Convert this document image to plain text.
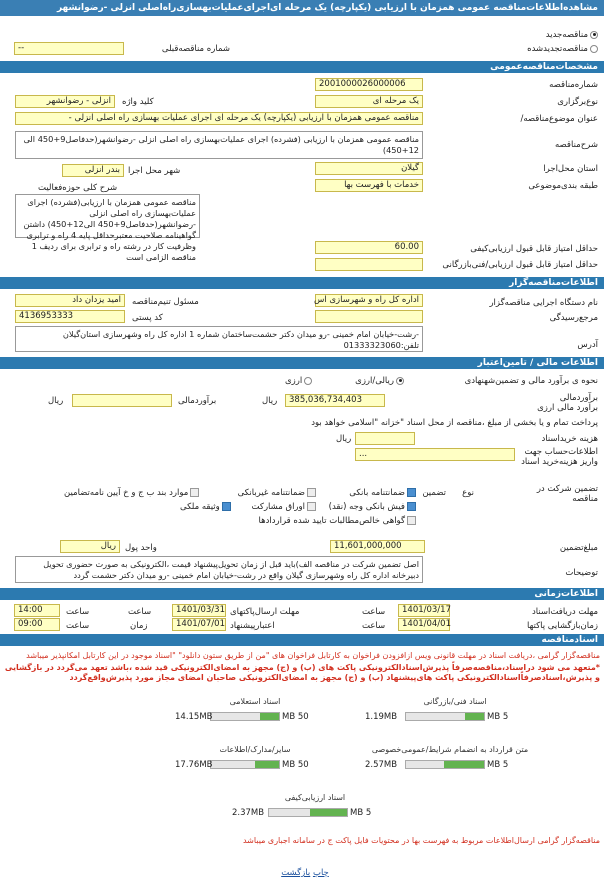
مشاهده‌اطلاعات‌مناقصه عمومی همزمان با ارزیابی (یکپارچه) یک مرحله ای‌اجرای‌عملیات‌بهسازی‌راه‌اصلی انزلی -رضوانشهر
مناقصه‌جدید
مناقصه‌تجدیدشده
شماره مناقصه‌قبلی
--
مشخصات‌مناقصه‌عمومی
شماره‌مناقصه
2001000026000006
نوع‌برگزاری
یک مرحله ای
کلید واژه
انزلی - رضوانشهر
عنوان موضوع‌مناقصه/
مناقصه عمومی همزمان با ارزیابی (یکپارچه) یک مرحله ای اجرای عملیات بهسازی راه اصلی انزلی -
شرح‌مناقصه
مناقصه عمومی همزمان با ارزیابی (فشرده) اجرای عملیات‌بهسازی راه اصلی انزلی -رضوانشهر(حدفاصل9+450 الی 12+450)
استان محل‌اجرا
گیلان
شهر محل اجرا
بندر انزلی
طبقه بندی‌موضوعی
خدمات با فهرست بها
شرح کلی حوزه‌فعالیت
مناقصه عمومی همزمان با ارزیابی(فشرده) اجرای عملیات‌بهسازی راه اصلی انزلی -رضوانشهر(حدفاصل9+450 الی12+450) داشتن گواهینامه صلاحیت معتبرحداقل پایه 4 راه و ترابری وظرفیت کار در رشته راه و ترابری برای ردیف 1 مناقصه الزامی است
حداقل امتیاز قابل قبول ارزیابی‌کیفی
60.00
حداقل امتیاز قابل قبول ارزیابی/فنی‌بازرگانی
اطلاعات‌مناقصه‌گزار
نام دستگاه اجرایی مناقصه‌گزار
اداره کل راه و شهرسازی اس
مرجع‌رسیدگی
مسئول تنیم‌مناقصه
امید یزدان داد
کد پستی
4136953333
آدرس
-رشت-خیابان امام خمینی -رو میدان دکتر حشمت‌ساختمان شماره 1 اداره کل راه وشهرسازی استان‌گیلان تلفن:01333323060
اطلاعات مالی / تامین‌اعتبار
نحوه ی برآورد مالی و تضمین‌شهنهادی
ریالی/ارزی
ارزی
برآوردمالی
برآورد مالی ارزی
385,036,734,403
ریال
برآوردمالی
ریال
پرداخت تمام و یا بخشی از مبلغ ،مناقصه از محل اسناد "خزانه "اسلامی خواهد بود
هزینه خریداسناد
ریال
اطلاعات‌حساب جهت واریز هزینه‌خرید اسناد
...
تضمین شرکت در مناقصه
نوع
تضمین
ضمانتنامه بانکی
ضمانتنامه غیربانکی
موارد بند ب ج و خ آیین نامه‌تضامین
فیش بانکی وجه (نقد)
اوراق مشارکت
وثیقه ملکی
گواهی خالص‌مطالبات تایید شده قراردادها
مبلغ‌تضمین
11,601,000,000
واحد پول
ریال
توضیحات
اصل تضمین شرکت در مناقصه الف)باید قبل از زمان تحویل‌پیشنهاد قیمت ،الکترونیکی به صورت حضوری تحویل دبیرخانه اداره کل راه وشهرسازی گیلان واقع در رشت-خیابان امام خمینی -رو میدان دکتر حشمت گردد
اطلاعات‌زمانی
مهلت دریافت‌اسناد
1401/03/17
ساعت
مهلت ارسال‌پاکتهای
1401/03/31
ساعت
14:00	ساعت
زمان‌بازگشایی پاکتها
1401/04/01
ساعت
اعتبارپیشنهاد
1401/07/01
زمان
09:00	ساعت
اسنادمناقصه
مناقصه‌گزار گرامی ،دریافت اسناد در مهلت قانونی ویس ازافزودن فراخوان به کارتابل فراخوان های "من از طریق ستون دانلود" "اسناد موجود در این کارتابل امکانپذیر میباشد
*متعهد می شود دراسناد،مناقصه‌صرفاً پذیرش‌اسنادالکترونیکی پاکت های (ب) و (ج) مجهز به امضای‌الکترونیکی قید شده ،باشد تعهد می‌گردد در بازگشایی و پذیرش،اسنادصرفاًاسنادالکترونیکی پاکت های‌پیشنهاد (ب) و (ج) مجهز به امضای‌الکترونیکی صاحبان امضای مجاز مورد پذیرش‌واقع‌گردد
اسناد فنی/بازرگانی
5 MB
1.19MB
اسناد استعلامی
50 MB
14.15MB
متن قرارداد به انضمام شرایط/عمومی‌خصوصی
5 MB
2.57MB
سایر/مدارک/اطلاعات
50 MB
17.76MB
اسناد ارزیابی‌کیفی
5 MB
2.37MB
مناقصه‌گزار گرامی ارسال‌اطلاعات مربوط به فهرست بها در محتویات فایل پاکت ج در سامانه اجباری میباشد
چاپ بازگشت
